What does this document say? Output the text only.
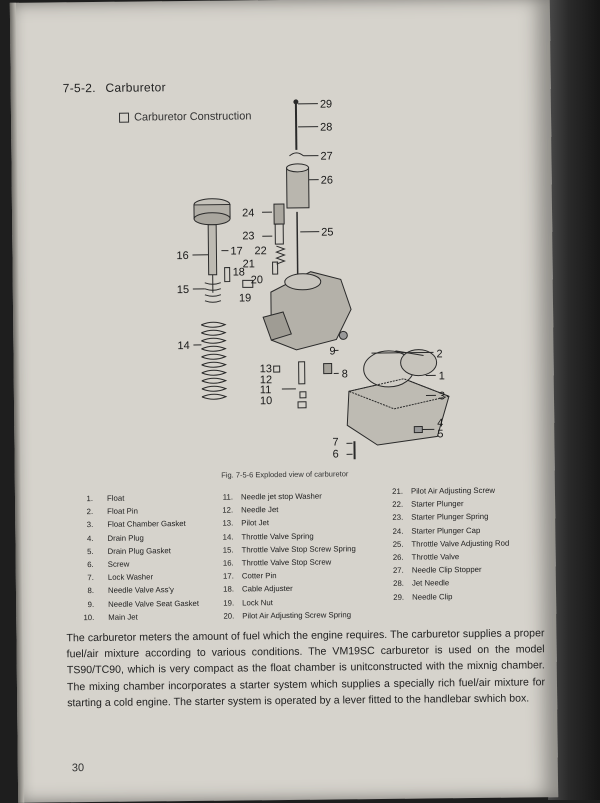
7-5-2. Carburetor
Carburetor Construction
29
28
27
26
24
25
23
17 22
16
21
18
20
15
19
14	9	2
13	8
12	1
11
3
10
4
5
7
6
Fig. 7-5-6 Exploded view of carburetor
1. Float
2. Float Pin
3. Float Chamber Gasket
4. Drain Plug
5. Drain Plug Gasket
6. Screw
7. Lock Washer
8. Needle Valve Ass'y
9. Needle Valve Seat Gasket
10. Main Jet
11. Needle jet stop Washer
12. Needle Jet
13. Pilot Jet
14. Throttle Valve Spring
15. Throttle Valve Stop Screw Spring
16. Throttle Valve Stop Screw
17. Cotter Pin
18. Cable Adjuster
19. Lock Nut
20. Pilot Air Adjusting Screw Spring
21. Pilot Air Adjusting Screw
22. Starter Plunger
23. Starter Plunger Spring
24. Starter Plunger Cap
25. Throttle Valve Adjusting Rod
26. Throttle Valve
27. Needle Clip Stopper
28. Jet Needle
29. Needle Clip
The carburetor meters the amount of fuel which the engine requires. The carburetor supplies a proper fuel/air mixture according to various conditions. The VM19SC carburetor is used on the model TS90/TC90, which is very compact as the float chamber is unitconstructed with the mixnig chamber. The mixing chamber incorporates a starter system which supplies a specially rich fuel/air mixture for starting a cold engine. The starter system is operated by a lever fitted to the handlebar swhich box.
30
